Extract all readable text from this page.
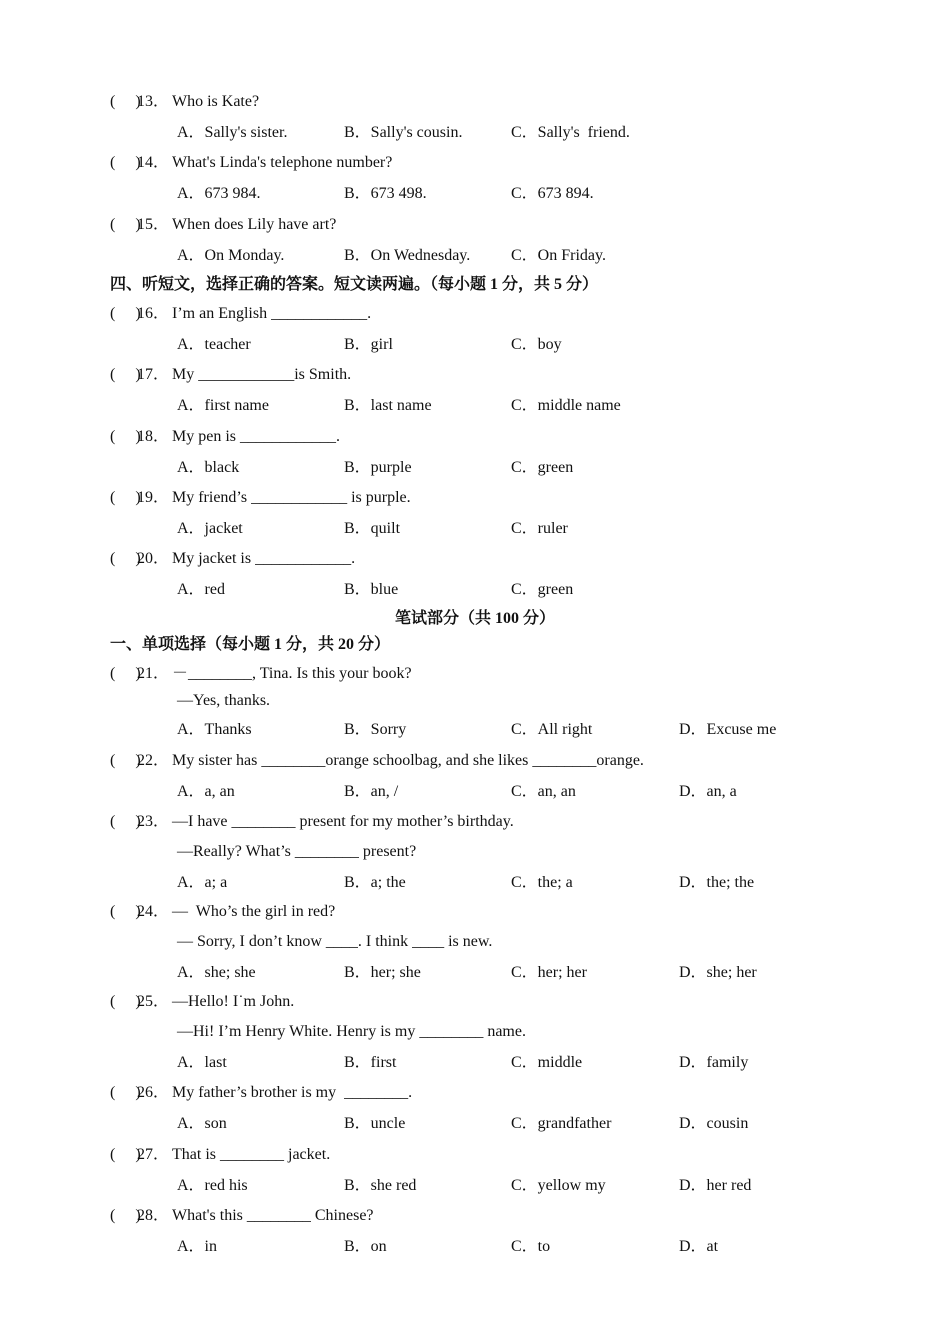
(     )
13． Who is Kate?
A．Sally's sister.	B．Sally's cousin.	C．Sally's  friend.
(     )
14． What's Linda's telephone number?
A．673 984.	B．673 498.	C．673 894.
(     )
15． When does Lily have art?
A．On Monday.	B．On Wednesday.	C．On Friday.
四、听短文，选择正确的答案。短文读两遍。（每小题 1 分，共 5 分）
(     )
16． I’m an English ____________.
A．teacher	B．girl	C．boy
(     )
17． My ____________is Smith.
A．first name	B．last name	C．middle name
(     )
18． My pen is ____________.
A．black	B．purple	C．green
(     )
19． My friend’s ____________ is purple.
A．jacket	B．quilt	C．ruler
(     )
20． My jacket is ____________.
A．red	B．blue	C．green
笔试部分（共 100 分）
一、单项选择（每小题 1 分，共 20 分）
(     )
21． －________, Tina. Is this your book?
—Yes, thanks.
A．Thanks	B．Sorry	C．All right	D．Excuse me
(     )
22． My sister has ________orange schoolbag, and she likes ________orange.
A．a, an	B．an, /	C．an, an	D．an, a
(     )
23． —I have ________ present for my mother’s birthday.
—Really? What’s ________ present?
A．a; a	B．a; the	C．the; a	D．the; the
(     )
24． —  Who’s the girl in red?
— Sorry, I don’t know ____. I think ____ is new.
A．she; she	B．her; she	C．her; her	D．she; her
(     )
25． —Hello! I˙m John.
—Hi! I’m Henry White. Henry is my ________ name.
A．last	B．first	C．middle	D．family
(     )
26． My father’s brother is my  ________.
A．son	B．uncle	C．grandfather	D．cousin
(     )
27． That is ________ jacket.
A．red his	B．she red	C．yellow my	D．her red
(     )
28． What's this ________ Chinese?
A．in	B．on	C．to	D．at
